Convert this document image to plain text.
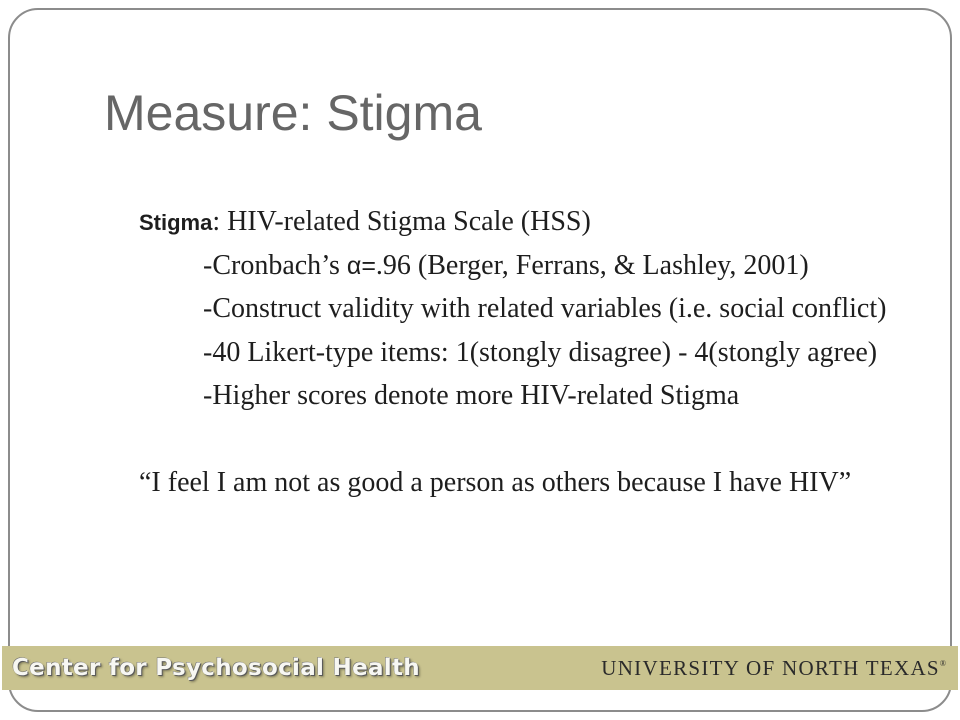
Measure: Stigma
Stigma: HIV-related Stigma Scale (HSS)
-Cronbach’s α=.96 (Berger, Ferrans, & Lashley, 2001)
-Construct validity with related variables (i.e. social conflict)
-40 Likert-type items: 1(stongly disagree) - 4(stongly agree)
-Higher scores denote more HIV-related Stigma
“I feel I am not as good a person as others because I have HIV”
Center for Psychosocial Health	UNIVERSITY OF NORTH TEXAS®
